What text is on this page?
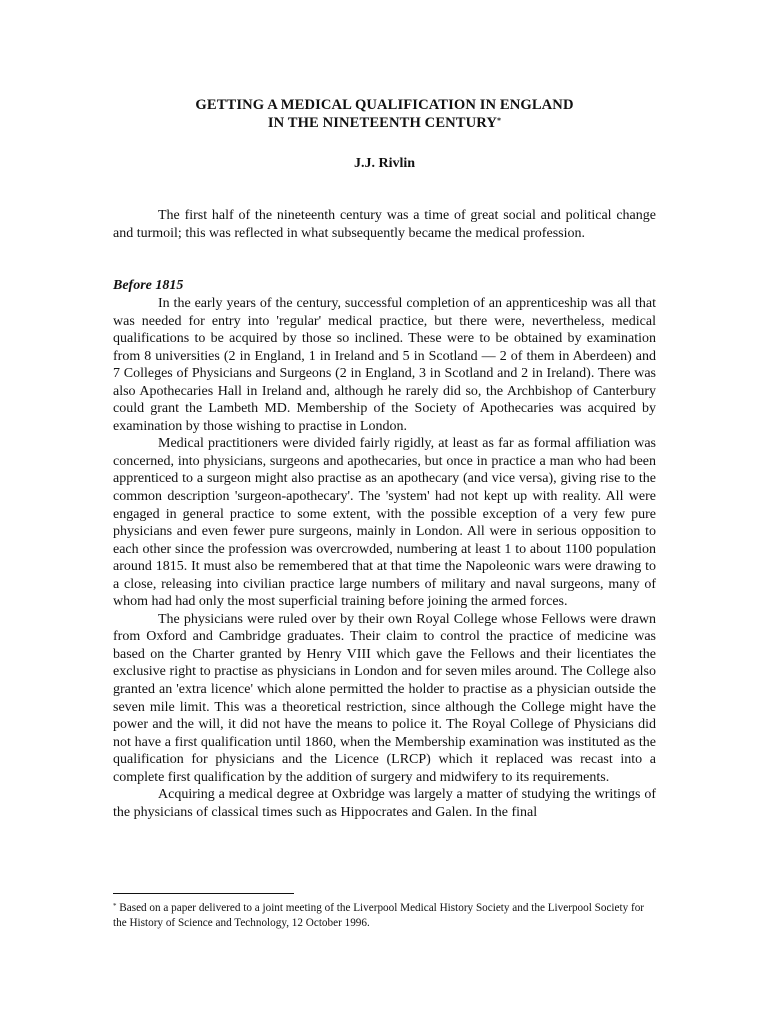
GETTING A MEDICAL QUALIFICATION IN ENGLAND
IN THE NINETEENTH CENTURY*
J.J. Rivlin

The first half of the nineteenth century was a time of great social and political change and turmoil; this was reflected in what subsequently became the medical profession.

Before 1815

In the early years of the century, successful completion of an apprenticeship was all that was needed for entry into 'regular' medical practice, but there were, nevertheless, medical qualifications to be acquired by those so inclined. These were to be obtained by examination from 8 universities (2 in England, 1 in Ireland and 5 in Scotland — 2 of them in Aberdeen) and 7 Colleges of Physicians and Surgeons (2 in England, 3 in Scotland and 2 in Ireland). There was also Apothecaries Hall in Ireland and, although he rarely did so, the Archbishop of Canterbury could grant the Lambeth MD. Membership of the Society of Apothecaries was acquired by examination by those wishing to practise in London.

Medical practitioners were divided fairly rigidly, at least as far as formal affiliation was concerned, into physicians, surgeons and apothecaries, but once in practice a man who had been apprenticed to a surgeon might also practise as an apothecary (and vice versa), giving rise to the common description 'surgeon-apothecary'. The 'system' had not kept up with reality. All were engaged in general practice to some extent, with the possible exception of a very few pure physicians and even fewer pure surgeons, mainly in London. All were in serious opposition to each other since the profession was overcrowded, numbering at least 1 to about 1100 population around 1815. It must also be remembered that at that time the Napoleonic wars were drawing to a close, releasing into civilian practice large numbers of military and naval surgeons, many of whom had had only the most superficial training before joining the armed forces.

The physicians were ruled over by their own Royal College whose Fellows were drawn from Oxford and Cambridge graduates. Their claim to control the practice of medicine was based on the Charter granted by Henry VIII which gave the Fellows and their licentiates the exclusive right to practise as physicians in London and for seven miles around. The College also granted an 'extra licence' which alone permitted the holder to practise as a physician outside the seven mile limit. This was a theoretical restriction, since although the College might have the power and the will, it did not have the means to police it. The Royal College of Physicians did not have a first qualification until 1860, when the Membership examination was instituted as the qualification for physicians and the Licence (LRCP) which it replaced was recast into a complete first qualification by the addition of surgery and midwifery to its requirements.

Acquiring a medical degree at Oxbridge was largely a matter of studying the writings of the physicians of classical times such as Hippocrates and Galen. In the final

* Based on a paper delivered to a joint meeting of the Liverpool Medical History Society and the Liverpool Society for the History of Science and Technology, 12 October 1996.
